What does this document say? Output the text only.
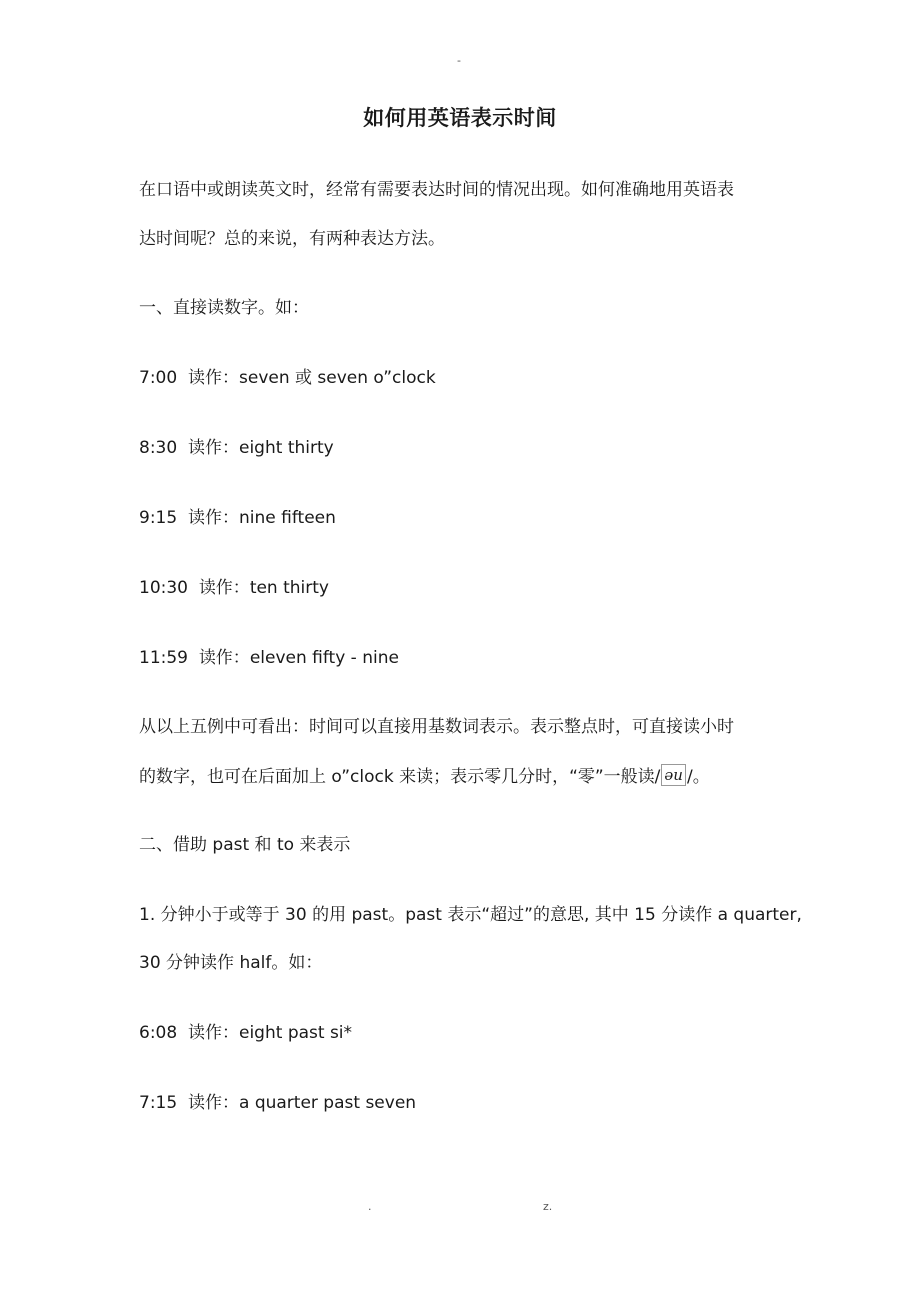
-
如何用英语表示时间
在口语中或朗读英文时，经常有需要表达时间的情况出现。如何准确地用英语表
达时间呢？总的来说，有两种表达方法。
一、直接读数字。如：
7:00 读作：seven 或 seven o”clock
8:30 读作：eight thirty
9:15 读作：nine fifteen
10:30 读作：ten thirty
11:59 读作：eleven fifty - nine
从以上五例中可看出：时间可以直接用基数词表示。表示整点时，可直接读小时
的数字，也可在后面加上 o”clock 来读；表示零几分时，“零”一般读/ ǝu /。
二、借助 past 和 to 来表示
1. 分钟小于或等于 30 的用 past。past 表示“超过”的意思, 其中 15 分读作 a quarter,
30 分钟读作 half。如：
6:08 读作：eight past si*
7:15 读作：a quarter past seven
.	z.
